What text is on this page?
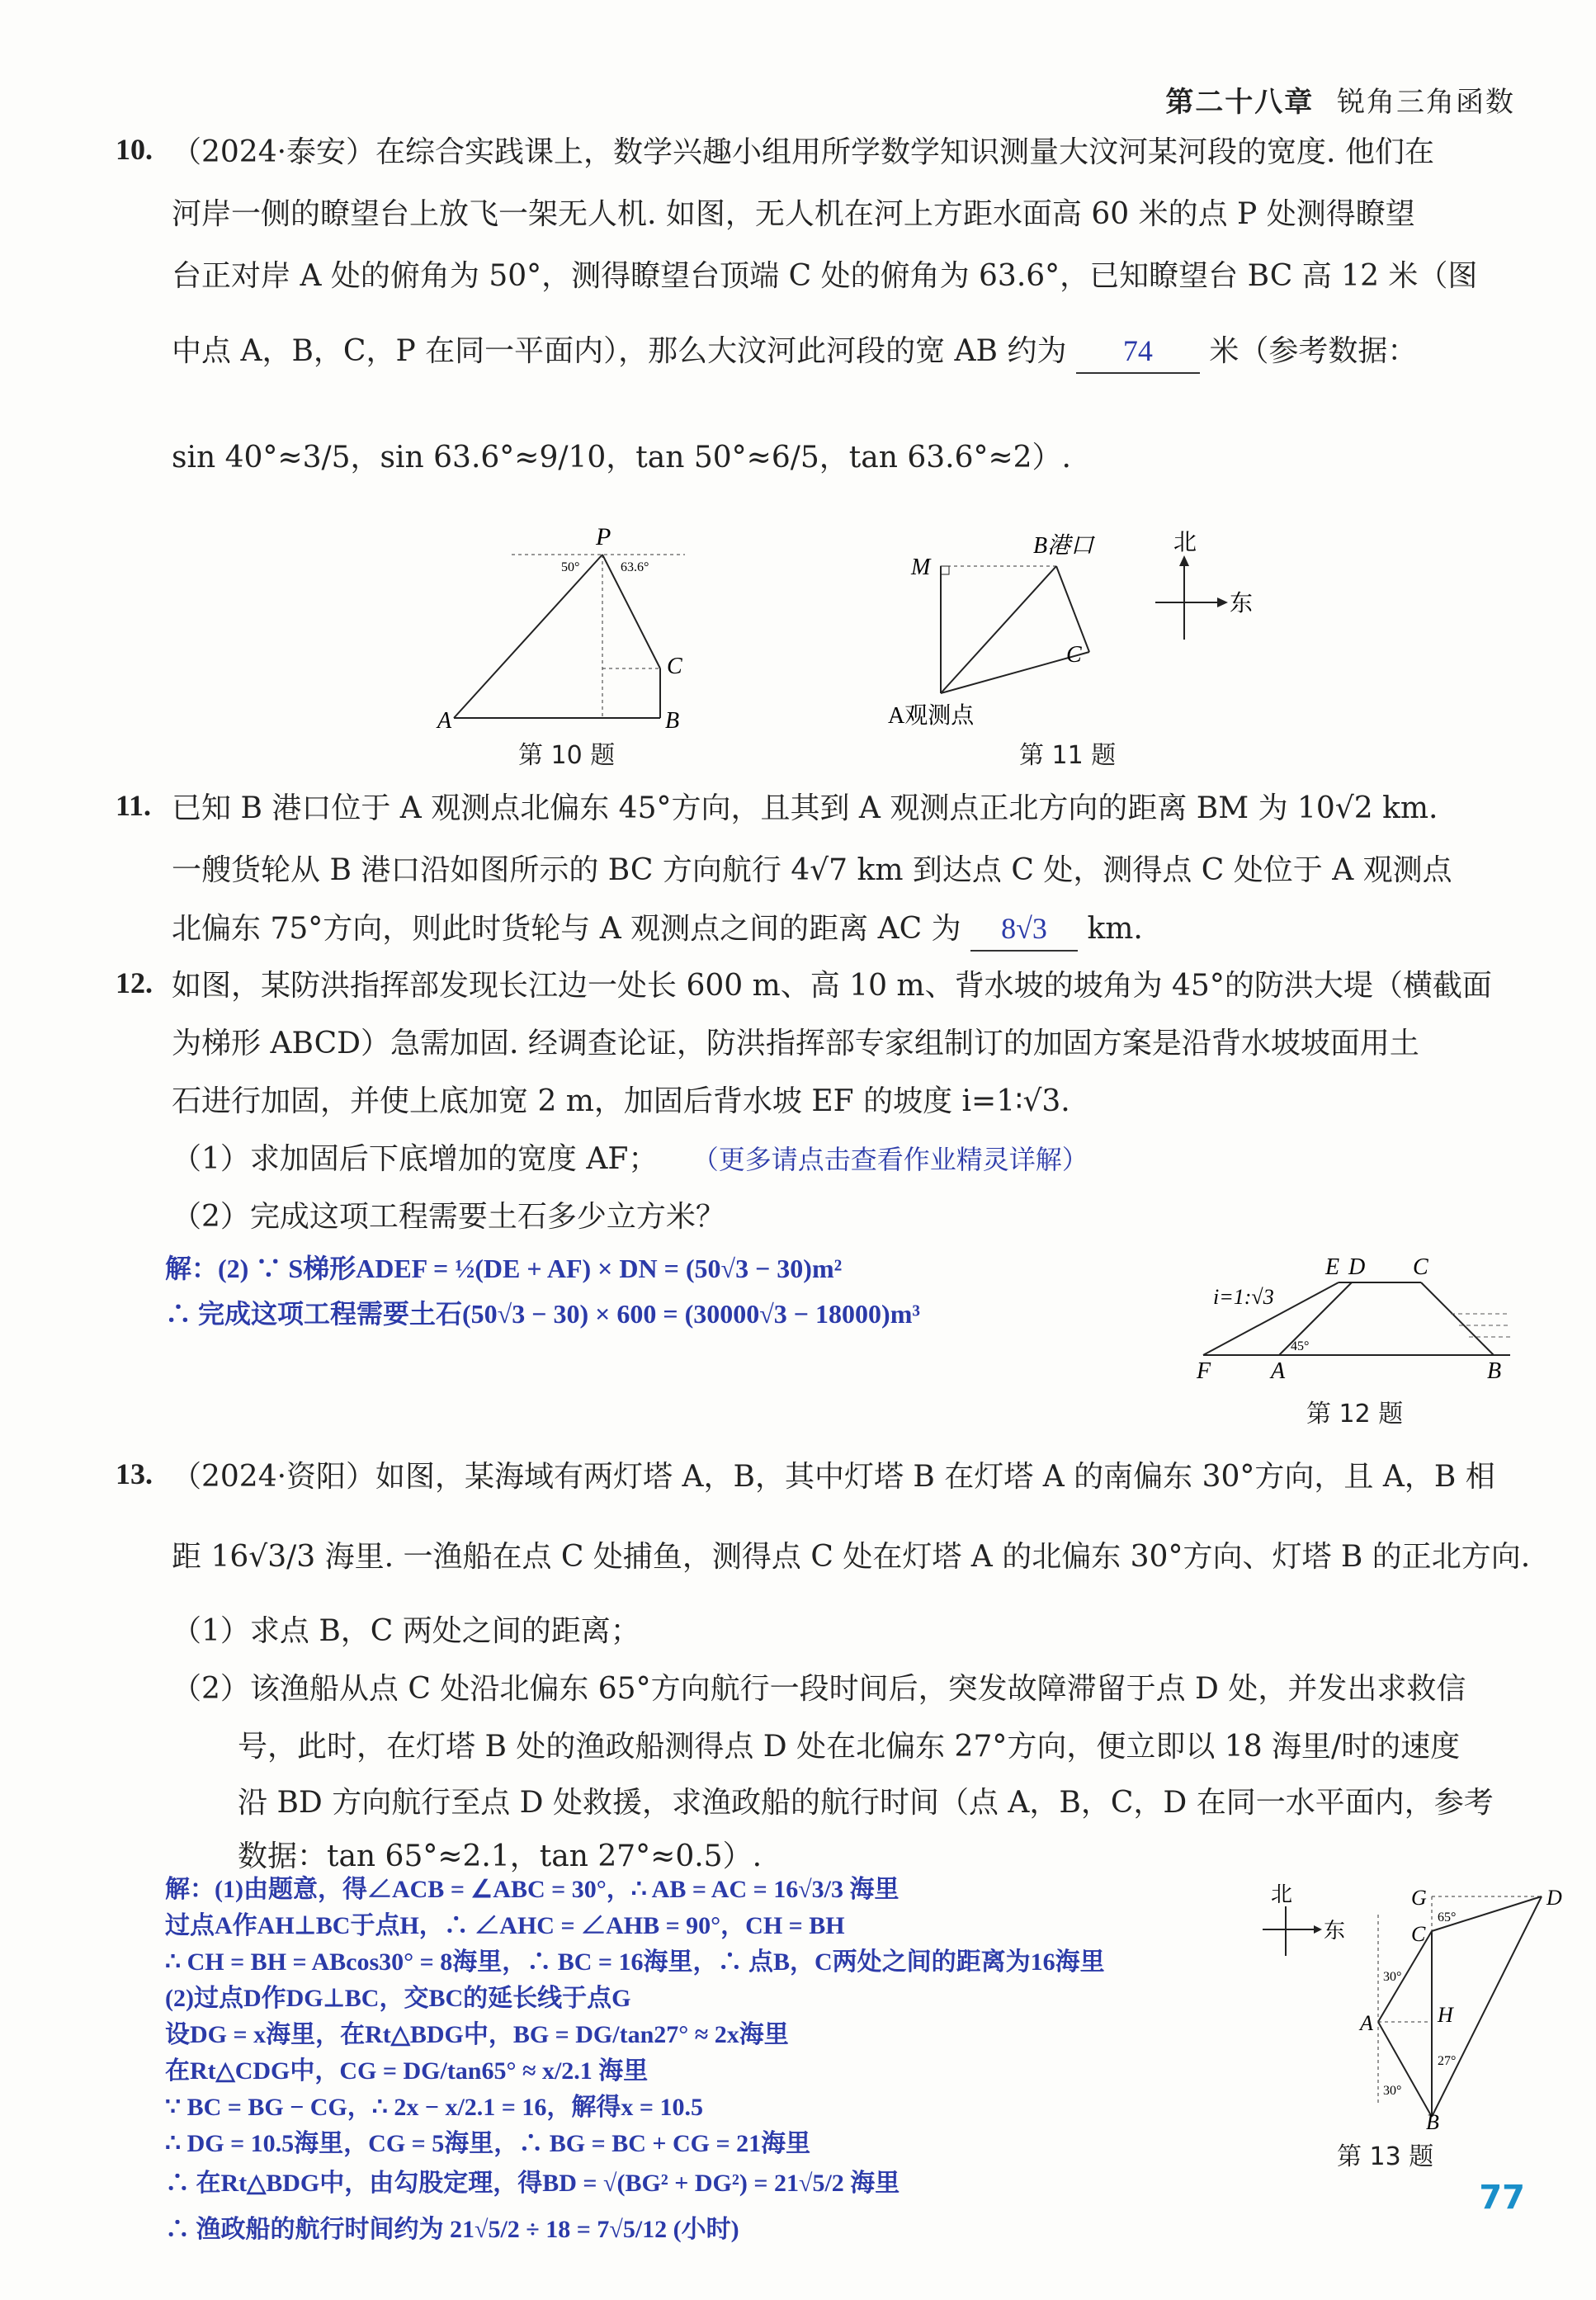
第二十八章 锐角三角函数
10. （2024·泰安）在综合实践课上，数学兴趣小组用所学数学知识测量大汶河某河段的宽度. 他们在
河岸一侧的瞭望台上放飞一架无人机. 如图，无人机在河上方距水面高 60 米的点 P 处测得瞭望
台正对岸 A 处的俯角为 50°，测得瞭望台顶端 C 处的俯角为 63.6°，已知瞭望台 BC 高 12 米（图
中点 A，B，C，P 在同一平面内），那么大汶河此河段的宽 AB 约为 74 米（参考数据：
sin 40°≈3/5，sin 63.6°≈9/10，tan 50°≈6/5，tan 63.6°≈2）.
P
A	B
C
50°	63.6°
第 10 题
M
B港口
C
A观测点
北
东
第 11 题
11. 已知 B 港口位于 A 观测点北偏东 45°方向，且其到 A 观测点正北方向的距离 BM 为 10√2 km.
一艘货轮从 B 港口沿如图所示的 BC 方向航行 4√7 km 到达点 C 处，测得点 C 处位于 A 观测点
北偏东 75°方向，则此时货轮与 A 观测点之间的距离 AC 为 8√3 km.
12. 如图，某防洪指挥部发现长江边一处长 600 m、高 10 m、背水坡的坡角为 45°的防洪大堤（横截面
为梯形 ABCD）急需加固. 经调查论证，防洪指挥部专家组制订的加固方案是沿背水坡坡面用土
石进行加固，并使上底加宽 2 m，加固后背水坡 EF 的坡度 i=1∶√3.
（1）求加固后下底增加的宽度 AF； （更多请点击查看作业精灵详解）
（2）完成这项工程需要土石多少立方米？
解：(2) ∵ S梯形ADEF = ½(DE + AF) × DN = (50√3 − 30)m²
∴ 完成这项工程需要土石(50√3 − 30) × 600 = (30000√3 − 18000)m³
i=1:√3
E D C
F	A	B
45°
第 12 题
13. （2024·资阳）如图，某海域有两灯塔 A，B，其中灯塔 B 在灯塔 A 的南偏东 30°方向，且 A，B 相
距 16√3/3 海里. 一渔船在点 C 处捕鱼，测得点 C 处在灯塔 A 的北偏东 30°方向、灯塔 B 的正北方向.
（1）求点 B，C 两处之间的距离；
（2）该渔船从点 C 处沿北偏东 65°方向航行一段时间后，突发故障滞留于点 D 处，并发出求救信
号，此时，在灯塔 B 处的渔政船测得点 D 处在北偏东 27°方向，便立即以 18 海里/时的速度
沿 BD 方向航行至点 D 处救援，求渔政船的航行时间（点 A，B，C，D 在同一水平面内，参考
数据：tan 65°≈2.1，tan 27°≈0.5）.
解：(1)由题意，得∠ACB = ∠ABC = 30°，∴ AB = AC = 16√3/3 海里
过点A作AH⊥BC于点H，∴ ∠AHC = ∠AHB = 90°，CH = BH
∴ CH = BH = ABcos30° = 8海里，∴ BC = 16海里，∴ 点B，C两处之间的距离为16海里
(2)过点D作DG⊥BC，交BC的延长线于点G
设DG = x海里，在Rt△BDG中，BG = DG/tan27° ≈ 2x海里
在Rt△CDG中，CG = DG/tan65° ≈ x/2.1 海里
∵ BC = BG − CG，∴ 2x − x/2.1 = 16，解得x = 10.5
∴ DG = 10.5海里，CG = 5海里，∴ BG = BC + CG = 21海里
∴ 在Rt△BDG中，由勾股定理，得BD = √(BG² + DG²) = 21√5/2 海里
∴ 渔政船的航行时间约为 21√5/2 ÷ 18 = 7√5/12 (小时)
北
东
G	D
C
A	H
B
65°
30°
27°
30°
第 13 题
77
